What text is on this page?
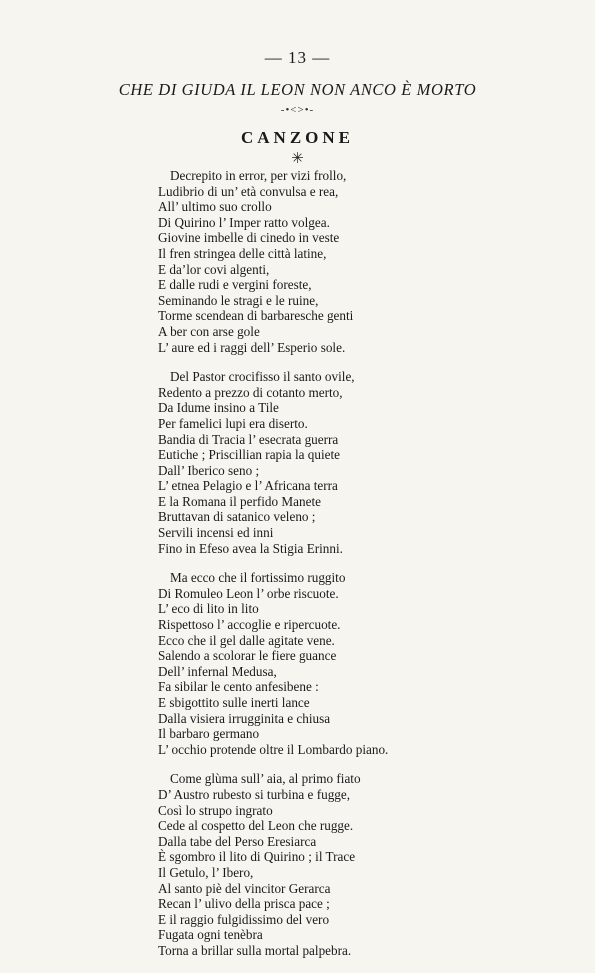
— 13 —
CHE DI GIUDA IL LEON NON ANCO È MORTO
-•<>•-
CANZONE
✳
Decrepito in error, per vizi frollo,
Ludibrio di un’ età convulsa e rea,
All’ ultimo suo crollo
Di Quirino l’ Imper ratto volgea.
Giovine imbelle di cinedo in veste
Il fren stringea delle città latine,
E da’lor covi algenti,
E dalle rudi e vergini foreste,
Seminando le stragi e le ruine,
Torme scendean di barbaresche genti
A ber con arse gole
L’ aure ed i raggi dell’ Esperio sole.
Del Pastor crocifisso il santo ovile,
Redento a prezzo di cotanto merto,
Da Idume insino a Tile
Per famelici lupi era diserto.
Bandia di Tracia l’ esecrata guerra
Eutiche ; Priscillian rapia la quiete
Dall’ Iberico seno ;
L’ etnea Pelagio e l’ Africana terra
E la Romana il perfido Manete
Bruttavan di satanico veleno ;
Servili incensi ed inni
Fino in Efeso avea la Stigia Erinni.
Ma ecco che il fortissimo ruggito
Di Romuleo Leon l’ orbe riscuote.
L’ eco di lito in lito
Rispettoso l’ accoglie e ripercuote.
Ecco che il gel dalle agitate vene.
Salendo a scolorar le fiere guance
Dell’ infernal Medusa,
Fa sibilar le cento anfesibene :
E sbigottito sulle inerti lance
Dalla visiera irrugginita e chiusa
Il barbaro germano
L’ occhio protende oltre il Lombardo piano.
Come glùma sull’ aia, al primo fiato
D’ Austro rubesto si turbina e fugge,
Così lo strupo ingrato
Cede al cospetto del Leon che rugge.
Dalla tabe del Perso Eresiarca
È sgombro il lito di Quirino ; il Trace
Il Getulo, l’ Ibero,
Al santo piè del vincitor Gerarca
Recan l’ ulivo della prisca pace ;
E il raggio fulgidissimo del vero
Fugata ogni tenèbra
Torna a brillar sulla mortal palpebra.
